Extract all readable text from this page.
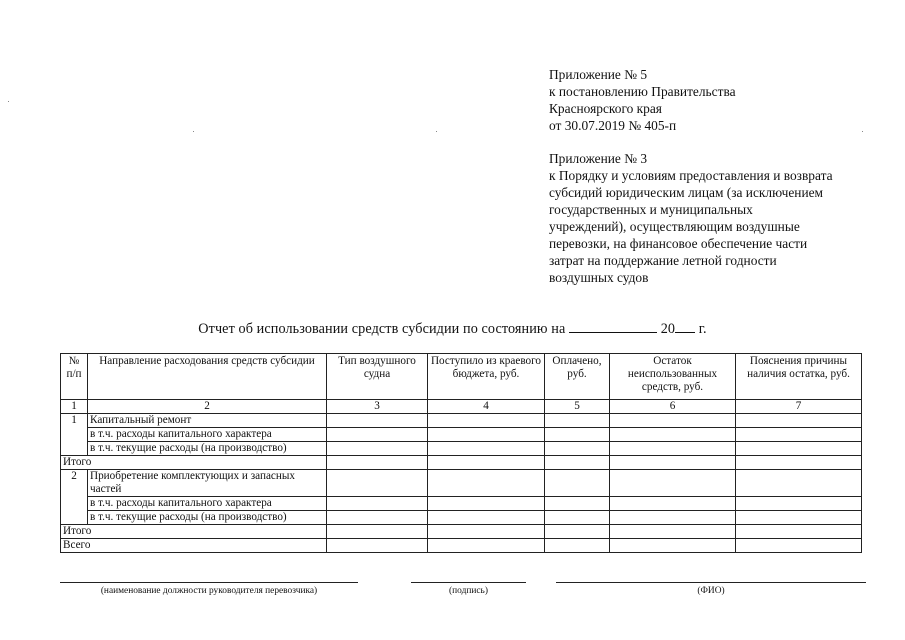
Приложение № 5
к постановлению Правительства
Красноярского края
от 30.07.2019 № 405-п
Приложение № 3
к Порядку и условиям предоставления и возврата
субсидий юридическим лицам (за исключением
государственных и муниципальных
учреждений), осуществляющим воздушные
перевозки, на финансовое обеспечение части
затрат на поддержание летной годности
воздушных судов
Отчет об использовании средств субсидии по состоянию на	20 г.
№ п/п	Направление расходования средств субсидии	Тип воздушного судна	Поступило из краевого бюджета, руб.	Оплачено, руб.	Остаток неиспользованных средств, руб.	Пояснения причины наличия остатка, руб.
1	2	3	4	5	6	7
1	Капитальный ремонт					
	в т.ч. расходы капитального характера					
	в т.ч. текущие расходы (на производство)					
Итого						
2	Приобретение комплектующих и запасных частей					
	в т.ч. расходы капитального характера					
	в т.ч. текущие расходы (на производство)					
Итого						
Всего						
(наименование должности руководителя перевозчика)	(подпись)	(ФИО)
